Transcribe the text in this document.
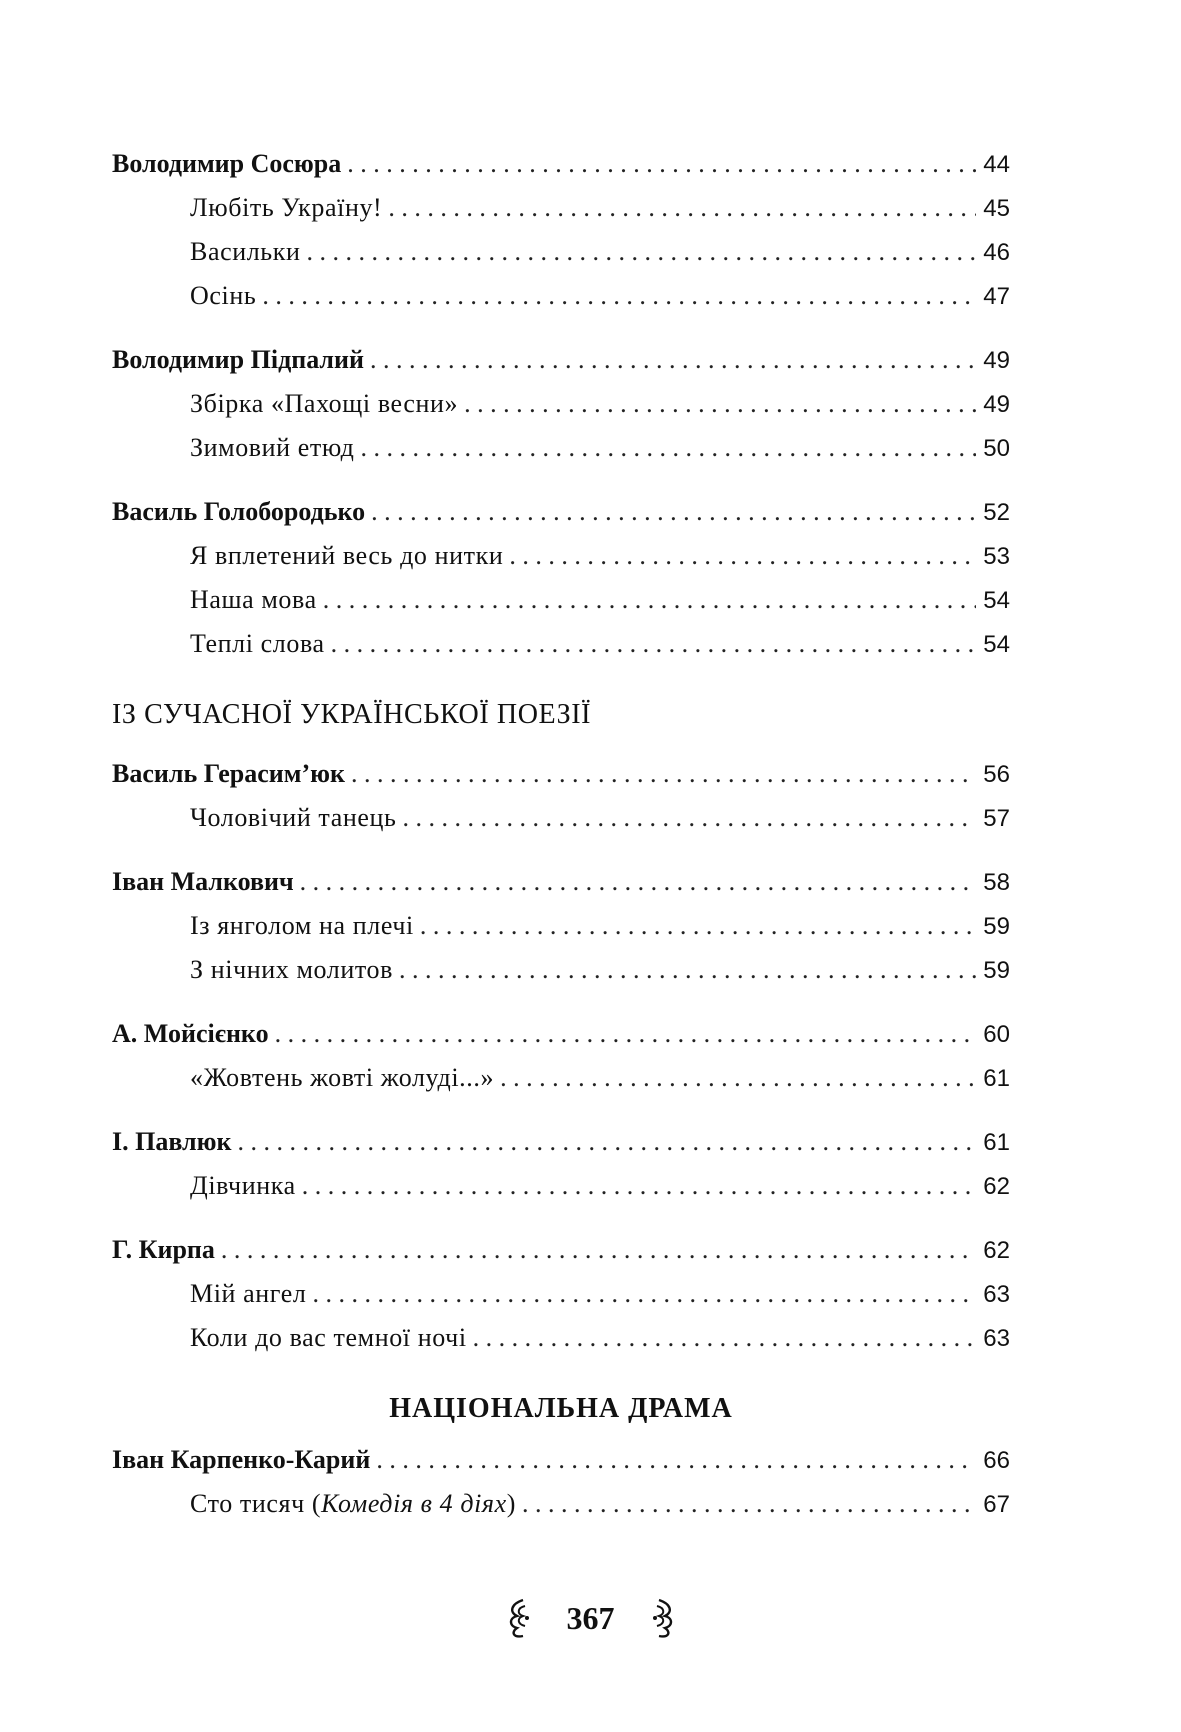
Володимир Сосюра . . .	44
Любіть Україну! . . .	45
Васильки . . .	46
Осінь . . .	47
Володимир Підпалий . . .	49
Збірка «Пахощі весни» . . .	49
Зимовий етюд . . .	50
Василь Голобородько . . .	52
Я вплетений весь до нитки . . .	53
Наша мова . . .	54
Теплі слова . . .	54
ІЗ СУЧАСНОЇ УКРАЇНСЬКОЇ ПОЕЗІЇ
Василь Герасим’юк . . .	56
Чоловічий танець . . .	57
Іван Малкович . . .	58
Із янголом на плечі . . .	59
З нічних молитов . . .	59
А. Мойсієнко . . .	60
«Жовтень жовті жолуді...» . . .	61
І. Павлюк . . .	61
Дівчинка . . .	62
Г. Кирпа . . .	62
Мій ангел . . .	63
Коли до вас темної ночі . . .	63
НАЦІОНАЛЬНА ДРАМА
Іван Карпенко-Карий . . .	66
Сто тисяч (Комедія в 4 діях) . . .	67
367
